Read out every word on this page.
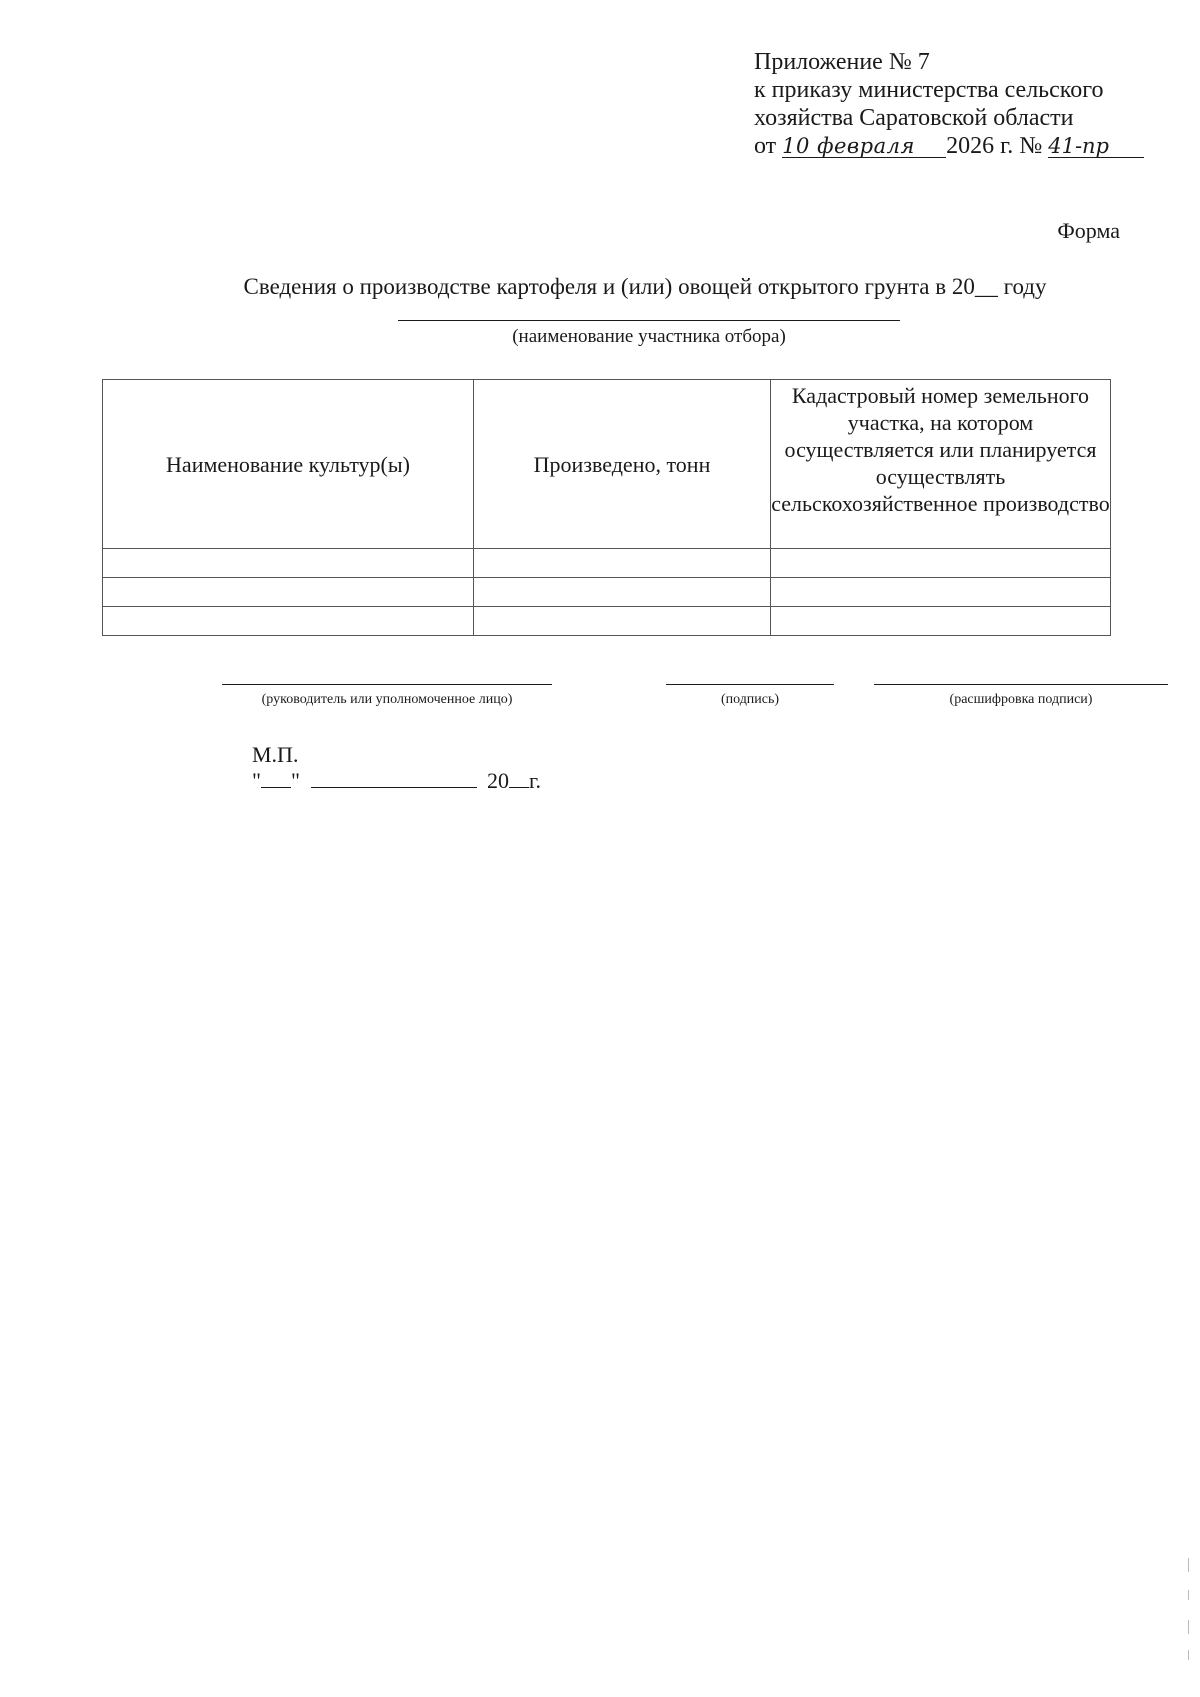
Приложение № 7
к приказу министерства сельского
хозяйства Саратовской области
от 10 февраля 2026 г. № 41-пр
Форма
Сведения о производстве картофеля и (или) овощей открытого грунта в 20__ году
(наименование участника отбора)
Наименование культур(ы)	Произведено, тонн	Кадастровый номер земельного участка, на котором осуществляется или планируется осуществлять сельскохозяйственное производство

(руководитель или уполномоченное лицо)	(подпись)	(расшифровка подписи)
М.П.
" "	20 г.
